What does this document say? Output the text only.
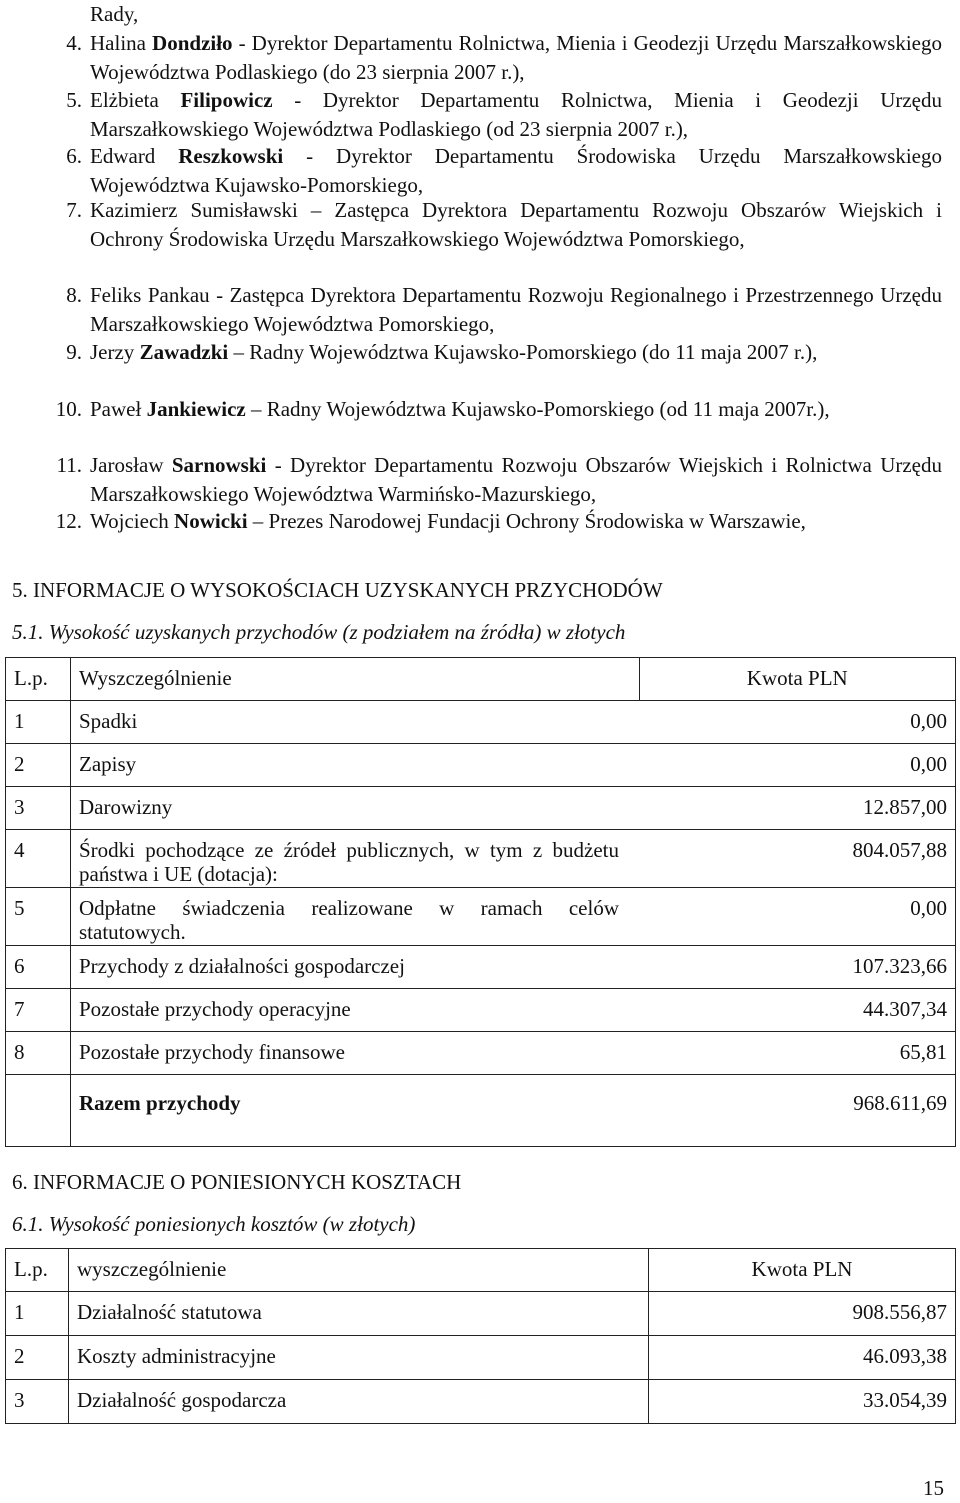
Rady,
4. Halina Dondziło - Dyrektor Departamentu Rolnictwa, Mienia i Geodezji Urzędu Marszałkowskiego Województwa Podlaskiego (do 23 sierpnia 2007 r.),
5. Elżbieta Filipowicz - Dyrektor Departamentu Rolnictwa, Mienia i Geodezji Urzędu Marszałkowskiego Województwa Podlaskiego (od 23 sierpnia 2007 r.),
6. Edward Reszkowski - Dyrektor Departamentu Środowiska Urzędu Marszałkowskiego Województwa Kujawsko-Pomorskiego,
7. Kazimierz Sumisławski – Zastępca Dyrektora Departamentu Rozwoju Obszarów Wiejskich i Ochrony Środowiska Urzędu Marszałkowskiego Województwa Pomorskiego,
8. Feliks Pankau - Zastępca Dyrektora Departamentu Rozwoju Regionalnego i Przestrzennego Urzędu Marszałkowskiego Województwa Pomorskiego,
9. Jerzy Zawadzki – Radny Województwa Kujawsko-Pomorskiego (do 11 maja 2007 r.),
10. Paweł Jankiewicz – Radny Województwa Kujawsko-Pomorskiego (od 11 maja 2007r.),
11. Jarosław Sarnowski - Dyrektor Departamentu Rozwoju Obszarów Wiejskich i Rolnictwa Urzędu Marszałkowskiego Województwa Warmińsko-Mazurskiego,
12. Wojciech Nowicki – Prezes Narodowej Fundacji Ochrony Środowiska w Warszawie,
5. INFORMACJE O WYSOKOŚCIACH UZYSKANYCH PRZYCHODÓW
5.1. Wysokość uzyskanych przychodów (z podziałem na źródła) w złotych
L.p.	Wyszczególnienie	Kwota PLN
1	Spadki	0,00
2	Zapisy	0,00
3	Darowizny	12.857,00
4	Środki pochodzące ze źródeł publicznych, w tym z budżetu państwa i UE (dotacja):	804.057,88
5	Odpłatne świadczenia realizowane w ramach celów statutowych.	0,00
6	Przychody z działalności gospodarczej	107.323,66
7	Pozostałe przychody operacyjne	44.307,34
8	Pozostałe przychody finansowe	65,81
	Razem przychody	968.611,69
6. INFORMACJE O PONIESIONYCH KOSZTACH
6.1. Wysokość poniesionych kosztów (w złotych)
L.p.	wyszczególnienie	Kwota PLN
1	Działalność statutowa	908.556,87
2	Koszty administracyjne	46.093,38
3	Działalność gospodarcza	33.054,39
15
